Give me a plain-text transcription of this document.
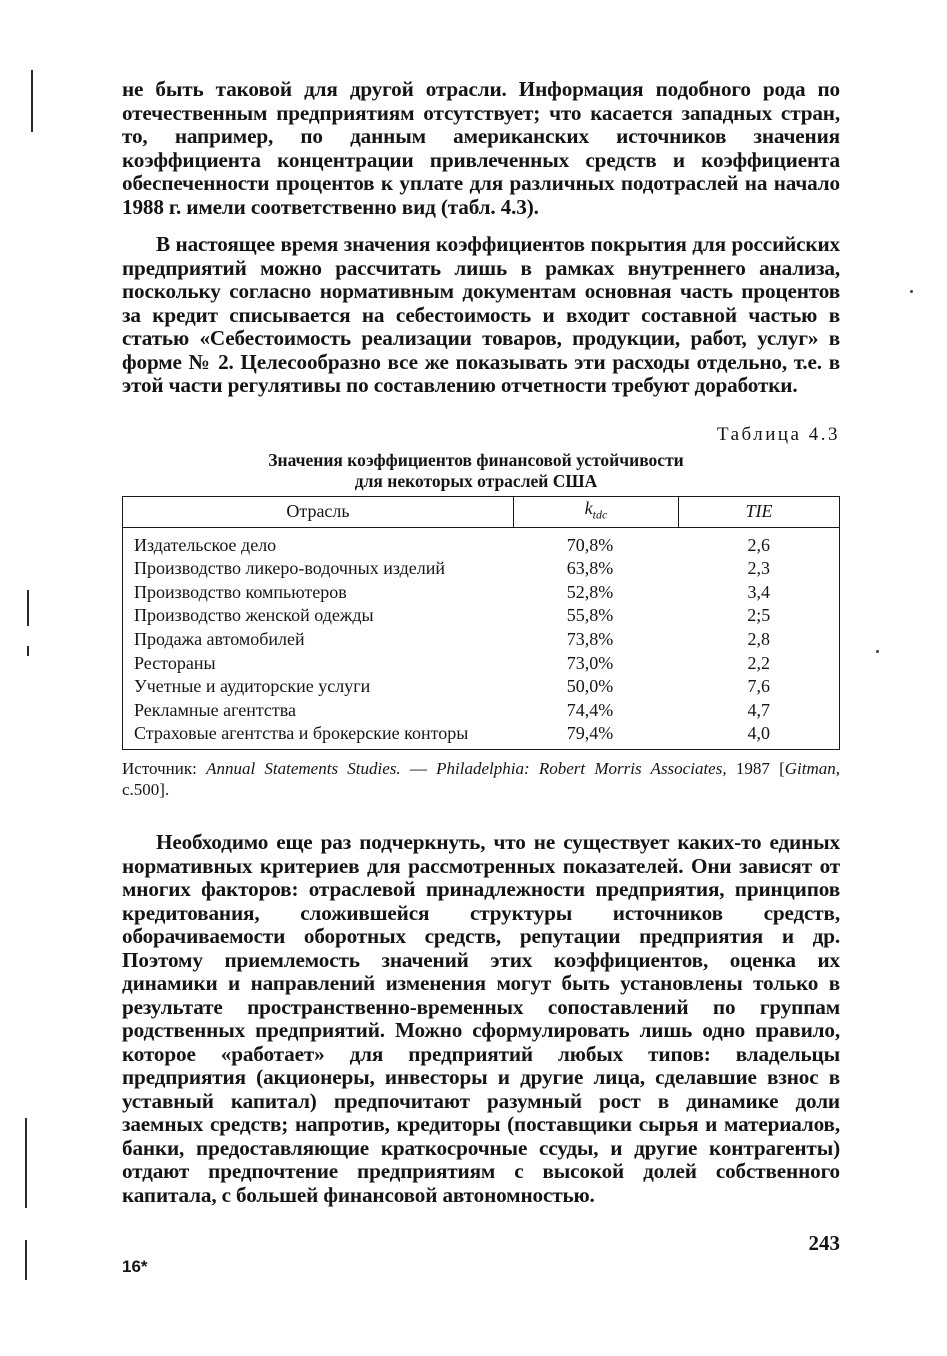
не быть таковой для другой отрасли. Информация подобного рода по отечественным предприятиям отсутствует; что касается западных стран, то, например, по данным американских источников значения коэффициента концентрации привлеченных средств и коэффициента обеспеченности процентов к уплате для различных подотраслей на начало 1988 г. имели соответственно вид (табл. 4.3).

В настоящее время значения коэффициентов покрытия для российских предприятий можно рассчитать лишь в рамках внутреннего анализа, поскольку согласно нормативным документам основная часть процентов за кредит списывается на себестоимость и входит составной частью в статью «Себестоимость реализации товаров, продукции, работ, услуг» в форме № 2. Целесообразно все же показывать эти расходы отдельно, т.е. в этой части регулятивы по составлению отчетности требуют доработки.

Таблица 4.3
Значения коэффициентов финансовой устойчивости
для некоторых отраслей США
Отрасль	$k_{tdc}$	TIE
Издательское дело	70,8%	2,6
Производство ликеро-водочных изделий	63,8%	2,3
Производство компьютеров	52,8%	3,4
Производство женской одежды	55,8%	2;5
Продажа автомобилей	73,8%	2,8
Рестораны	73,0%	2,2
Учетные и аудиторские услуги	50,0%	7,6
Рекламные агентства	74,4%	4,7
Страховые агентства и брокерские конторы	79,4%	4,0
Источник: Annual Statements Studies. — Philadelphia: Robert Morris Associates, 1987 [Gitman, с.500].

Необходимо еще раз подчеркнуть, что не существует каких-то единых нормативных критериев для рассмотренных показателей. Они зависят от многих факторов: отраслевой принадлежности предприятия, принципов кредитования, сложившейся структуры источников средств, оборачиваемости оборотных средств, репутации предприятия и др. Поэтому приемлемость значений этих коэффициентов, оценка их динамики и направлений изменения могут быть установлены только в результате пространственно-временных сопоставлений по группам родственных предприятий. Можно сформулировать лишь одно правило, которое «работает» для предприятий любых типов: владельцы предприятия (акционеры, инвесторы и другие лица, сделавшие взнос в уставный капитал) предпочитают разумный рост в динамике доли заемных средств; напротив, кредиторы (поставщики сырья и материалов, банки, предоставляющие краткосрочные ссуды, и другие контрагенты) отдают предпочтение предприятиям с высокой долей собственного капитала, с большей финансовой автономностью.

243
16*
